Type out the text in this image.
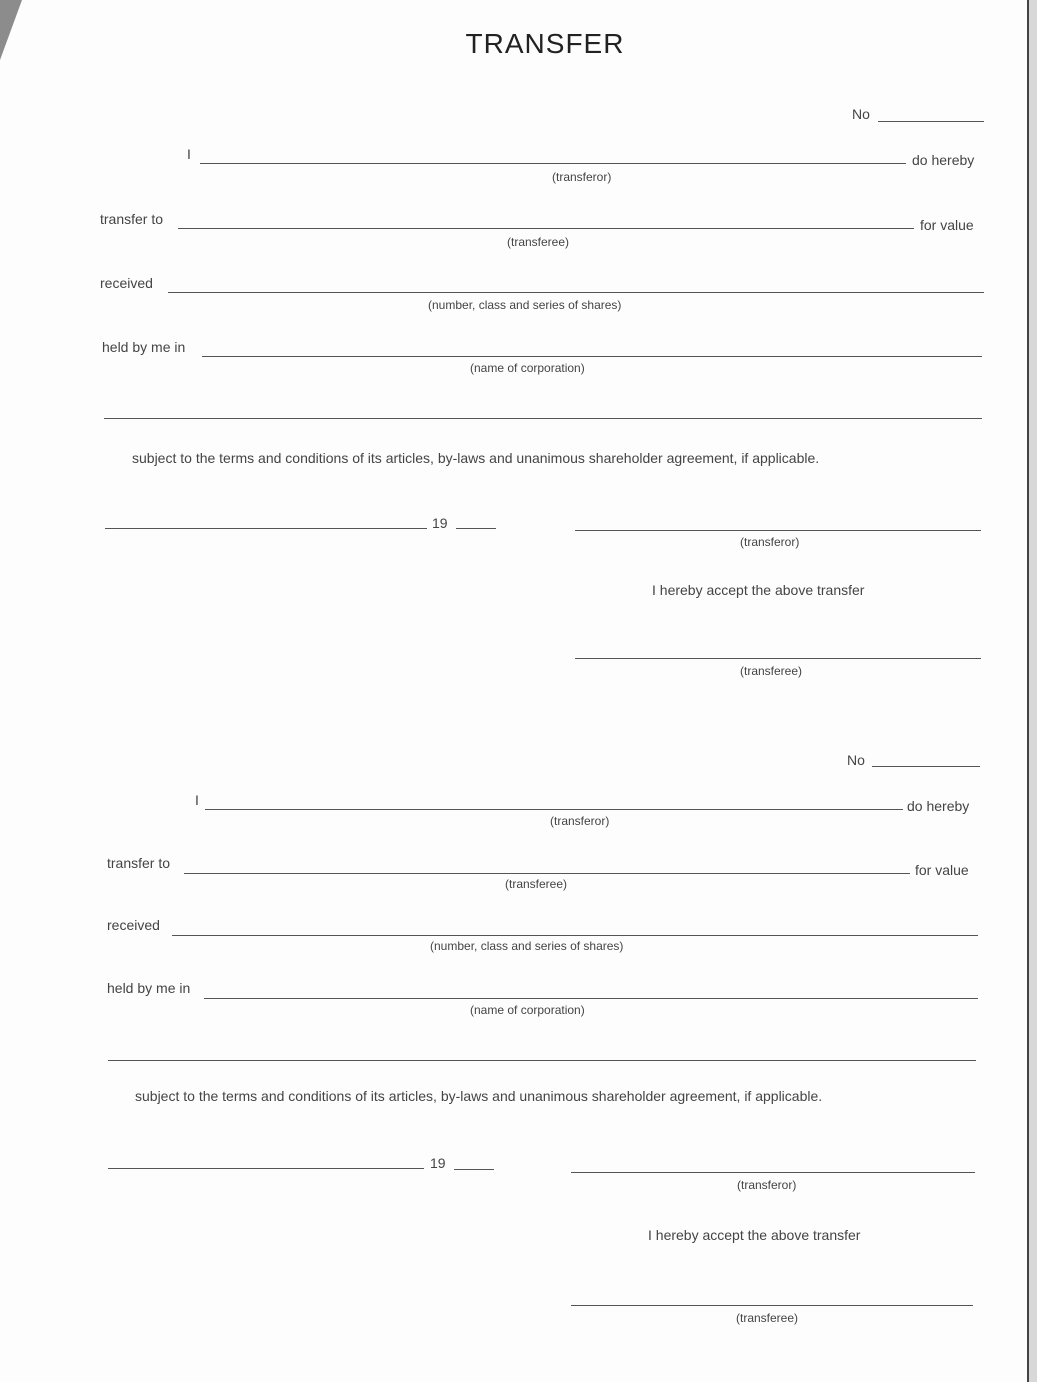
TRANSFER
No
I	do hereby
(transferor)
transfer to	for value
(transferee)
received
(number, class and series of shares)
held by me in
(name of corporation)
subject to the terms and conditions of its articles, by-laws and unanimous shareholder agreement, if applicable.
19
(transferor)
I hereby accept the above transfer
(transferee)
No
I	do hereby
(transferor)
transfer to	for value
(transferee)
received
(number, class and series of shares)
held by me in
(name of corporation)
subject to the terms and conditions of its articles, by-laws and unanimous shareholder agreement, if applicable.
19
(transferor)
I hereby accept the above transfer
(transferee)
